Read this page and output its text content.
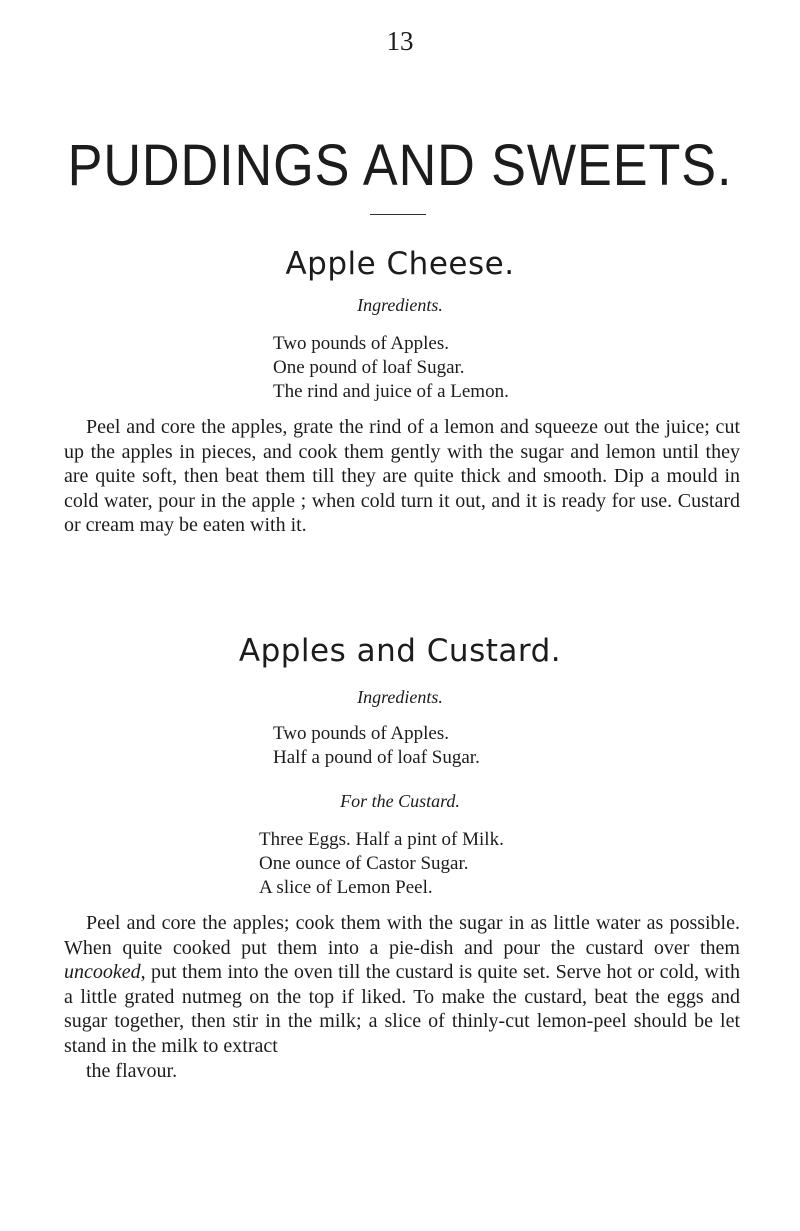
13
PUDDINGS AND SWEETS.
Apple Cheese.
Ingredients.
Two pounds of Apples.
One pound of loaf Sugar.
The rind and juice of a Lemon.

Peel and core the apples, grate the rind of a lemon and squeeze out the juice; cut up the apples in pieces, and cook them gently with the sugar and lemon until they are quite soft, then beat them till they are quite thick and smooth. Dip a mould in cold water, pour in the apple ; when cold turn it out, and it is ready for use. Custard or cream may be eaten with it.

Apples and Custard.
Ingredients.
Two pounds of Apples.
Half a pound of loaf Sugar.
For the Custard.
Three Eggs. Half a pint of Milk.
One ounce of Castor Sugar.
A slice of Lemon Peel.

Peel and core the apples; cook them with the sugar in as little water as possible. When quite cooked put them into a pie-dish and pour the custard over them uncooked, put them into the oven till the custard is quite set. Serve hot or cold, with a little grated nutmeg on the top if liked. To make the custard, beat the eggs and sugar together, then stir in the milk; a slice of thinly-cut lemon-peel should be let stand in the milk to extract
the flavour.
